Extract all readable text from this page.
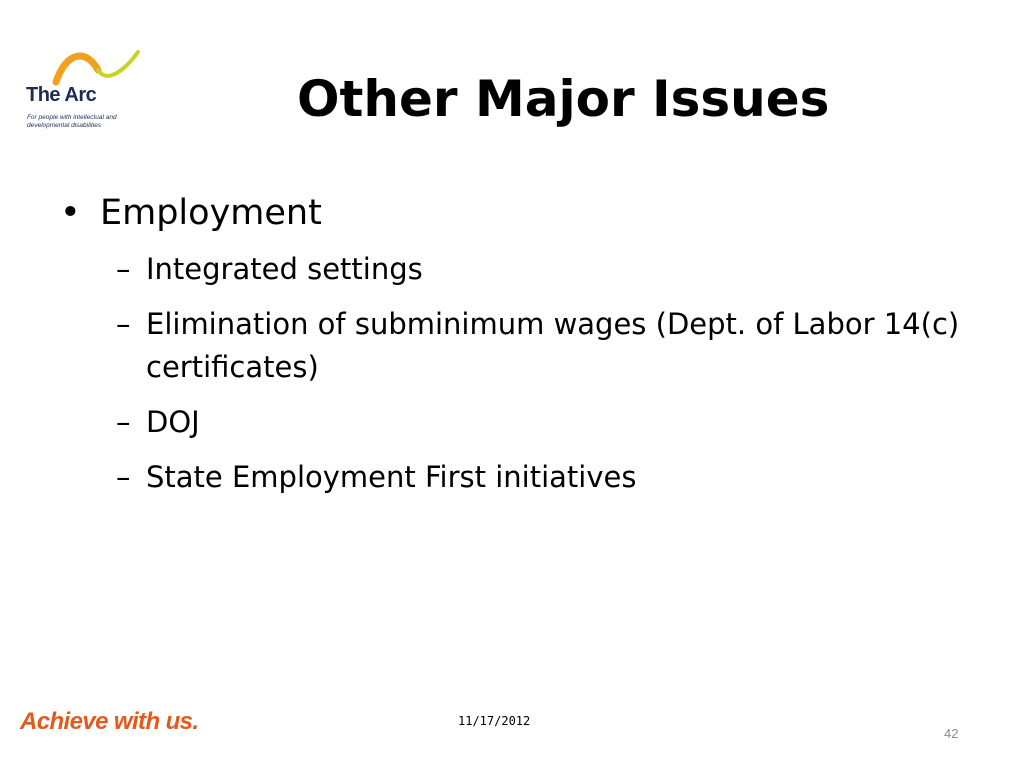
The Arc
For people with intellectual and developmental disabilities	Other Major Issues
• Employment
– Integrated settings
– Elimination of subminimum wages (Dept. of Labor 14(c) certificates)
– DOJ
– State Employment First initiatives
Achieve with us.	11/17/2012
42
